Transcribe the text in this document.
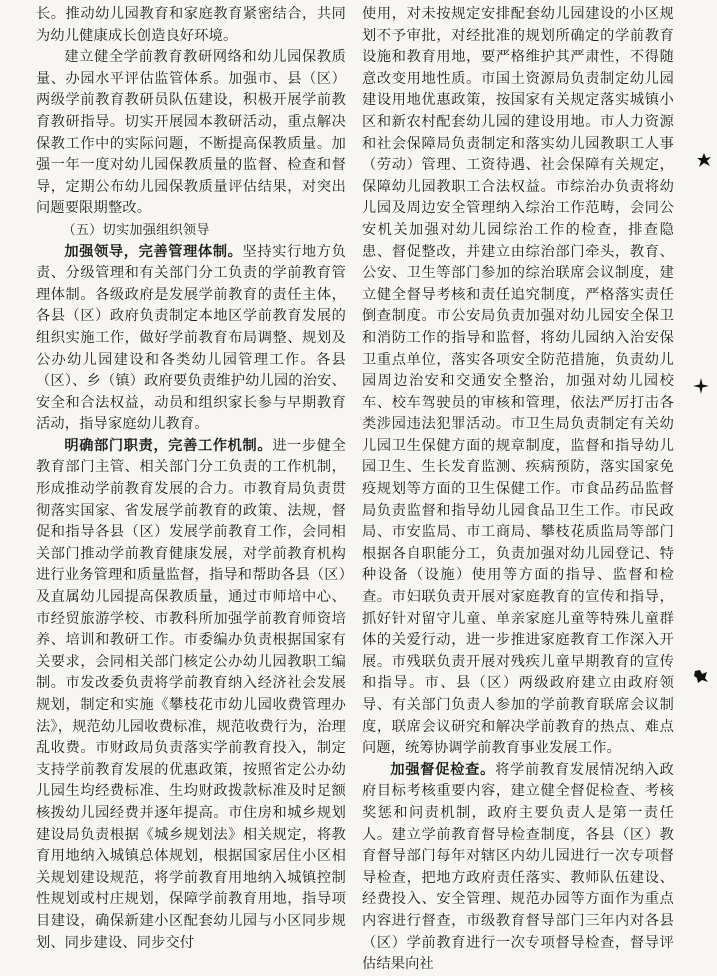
长。推动幼儿园教育和家庭教育紧密结合，共同为幼儿健康成长创造良好环境。

建立健全学前教育教研网络和幼儿园保教质量、办园水平评估监管体系。加强市、县（区）两级学前教育教研员队伍建设，积极开展学前教育教研指导。切实开展园本教研活动，重点解决保教工作中的实际问题，不断提高保教质量。加强一年一度对幼儿园保教质量的监督、检查和督导，定期公布幼儿园保教质量评估结果，对突出问题要限期整改。

（五）切实加强组织领导

加强领导，完善管理体制。坚持实行地方负责、分级管理和有关部门分工负责的学前教育管理体制。各级政府是发展学前教育的责任主体，各县（区）政府负责制定本地区学前教育发展的组织实施工作，做好学前教育布局调整、规划及公办幼儿园建设和各类幼儿园管理工作。各县（区）、乡（镇）政府要负责维护幼儿园的治安、安全和合法权益，动员和组织家长参与早期教育活动，指导家庭幼儿教育。

明确部门职责，完善工作机制。进一步健全教育部门主管、相关部门分工负责的工作机制，形成推动学前教育发展的合力。市教育局负责贯彻落实国家、省发展学前教育的政策、法规，督促和指导各县（区）发展学前教育工作，会同相关部门推动学前教育健康发展，对学前教育机构进行业务管理和质量监督，指导和帮助各县（区）及直属幼儿园提高保教质量，通过市师培中心、市经贸旅游学校、市教科所加强学前教育师资培养、培训和教研工作。市委编办负责根据国家有关要求，会同相关部门核定公办幼儿园教职工编制。市发改委负责将学前教育纳入经济社会发展规划，制定和实施《攀枝花市幼儿园收费管理办法》，规范幼儿园收费标准，规范收费行为，治理乱收费。市财政局负责落实学前教育投入，制定支持学前教育发展的优惠政策，按照省定公办幼儿园生均经费标准、生均财政拨款标准及时足额核拨幼儿园经费并逐年提高。市住房和城乡规划建设局负责根据《城乡规划法》相关规定，将教育用地纳入城镇总体规划，根据国家居住小区相关规划建设规范，将学前教育用地纳入城镇控制性规划或村庄规划，保障学前教育用地，指导项目建设，确保新建小区配套幼儿园与小区同步规划、同步建设、同步交付

使用，对未按规定安排配套幼儿园建设的小区规划不予审批，对经批准的规划所确定的学前教育设施和教育用地，要严格维护其严肃性，不得随意改变用地性质。市国土资源局负责制定幼儿园建设用地优惠政策，按国家有关规定落实城镇小区和新农村配套幼儿园的建设用地。市人力资源和社会保障局负责制定和落实幼儿园教职工人事（劳动）管理、工资待遇、社会保障有关规定，保障幼儿园教职工合法权益。市综治办负责将幼儿园及周边安全管理纳入综治工作范畴，会同公安机关加强对幼儿园综治工作的检查，排查隐患、督促整改，并建立由综治部门牵头，教育、公安、卫生等部门参加的综治联席会议制度，建立健全督导考核和责任追究制度，严格落实责任倒查制度。市公安局负责加强对幼儿园安全保卫和消防工作的指导和监督，将幼儿园纳入治安保卫重点单位，落实各项安全防范措施，负责幼儿园周边治安和交通安全整治，加强对幼儿园校车、校车驾驶员的审核和管理，依法严厉打击各类涉园违法犯罪活动。市卫生局负责制定有关幼儿园卫生保健方面的规章制度，监督和指导幼儿园卫生、生长发育监测、疾病预防，落实国家免疫规划等方面的卫生保健工作。市食品药品监督局负责监督和指导幼儿园食品卫生工作。市民政局、市安监局、市工商局、攀枝花质监局等部门根据各自职能分工，负责加强对幼儿园登记、特种设备（设施）使用等方面的指导、监督和检查。市妇联负责开展对家庭教育的宣传和指导，抓好针对留守儿童、单亲家庭儿童等特殊儿童群体的关爱行动，进一步推进家庭教育工作深入开展。市残联负责开展对残疾儿童早期教育的宣传和指导。市、县（区）两级政府建立由政府领导、有关部门负责人参加的学前教育联席会议制度，联席会议研究和解决学前教育的热点、难点问题，统筹协调学前教育事业发展工作。

加强督促检查。将学前教育发展情况纳入政府目标考核重要内容，建立健全督促检查、考核奖惩和问责机制，政府主要负责人是第一责任人。建立学前教育督导检查制度，各县（区）教育督导部门每年对辖区内幼儿园进行一次专项督导检查，把地方政府责任落实、教师队伍建设、经费投入、安全管理、规范办园等方面作为重点内容进行督查，市级教育督导部门三年内对各县（区）学前教育进行一次专项督导检查，督导评估结果向社
